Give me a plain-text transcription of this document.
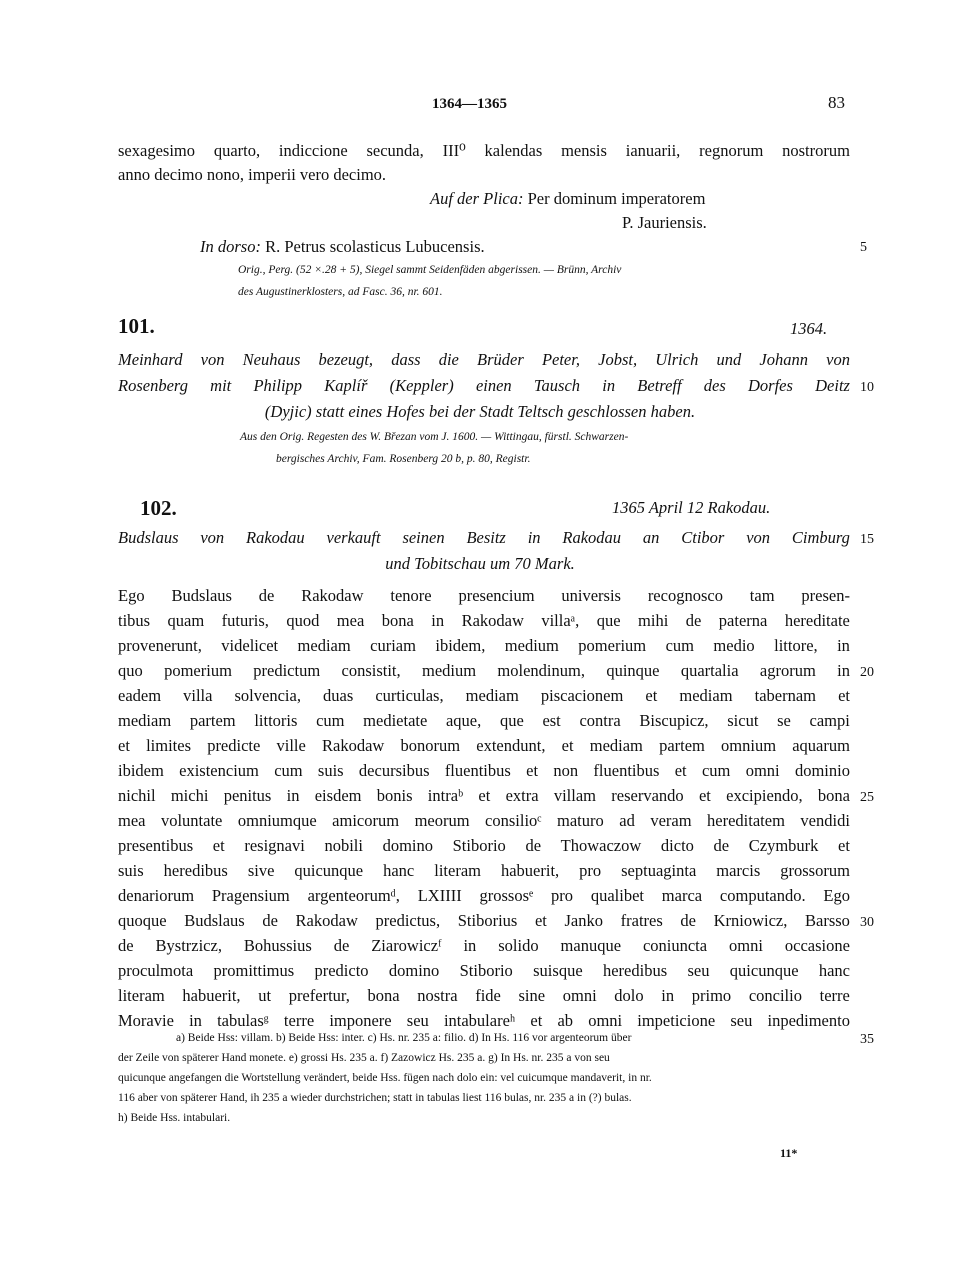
1364—1365	83
sexagesimo quarto, indiccione secunda, III⁰ kalendas mensis ianuarii, regnorum nostrorum
anno decimo nono, imperii vero decimo.
Auf der Plica: Per dominum imperatorem
P. Jauriensis.
In dorso: R. Petrus scolasticus Lubucensis.	5
Orig., Perg. (52 ×.28 + 5), Siegel sammt Seidenfäden abgerissen. — Brünn, Archiv
des Augustinerklosters, ad Fasc. 36, nr. 601.
101.	1364.
Meinhard von Neuhaus bezeugt, dass die Brüder Peter, Jobst, Ulrich und Johann von
Rosenberg mit Philipp Kaplíř (Keppler) einen Tausch in Betreff des Dorfes Deitz 10
(Dyjic) statt eines Hofes bei der Stadt Teltsch geschlossen haben.
Aus den Orig. Regesten des W. Březan vom J. 1600. — Wittingau, fürstl. Schwarzen-
bergisches Archiv, Fam. Rosenberg 20 b, p. 80, Registr.
102.	1365 April 12 Rakodau.
Budslaus von Rakodau verkauft seinen Besitz in Rakodau an Ctibor von Cimburg 15
und Tobitschau um 70 Mark.
Ego Budslaus de Rakodaw tenore presencium universis recognosco tam presen-
tibus quam futuris, quod mea bona in Rakodaw villaᵃ, que mihi de paterna hereditate
provenerunt, videlicet mediam curiam ibidem, medium pomerium cum medio littore, in
quo pomerium predictum consistit, medium molendinum, quinque quartalia agrorum in 20
eadem villa solvencia, duas curticulas, mediam piscacionem et mediam tabernam et
mediam partem littoris cum medietate aque, que est contra Biscupicz, sicut se campi
et limites predicte ville Rakodaw bonorum extendunt, et mediam partem omnium aquarum
ibidem existencium cum suis decursibus fluentibus et non fluentibus et cum omni dominio
nichil michi penitus in eisdem bonis intraᵇ et extra villam reservando et excipiendo, bona 25
mea voluntate omniumque amicorum meorum consilioᶜ maturo ad veram hereditatem vendidi
presentibus et resignavi nobili domino Stiborio de Thowaczow dicto de Czymburk et
suis heredibus sive quicunque hanc literam habuerit, pro septuaginta marcis grossorum
denariorum Pragensium argenteorumᵈ, LXIIII grossosᵉ pro qualibet marca computando. Ego
quoque Budslaus de Rakodaw predictus, Stiborius et Janko fratres de Krniowicz, Barsso 30
de Bystrzicz, Bohussius de Ziarowiczᶠ in solido manuque coniuncta omni occasione
proculmota promittimus predicto domino Stiborio suisque heredibus seu quicunque hanc
literam habuerit, ut prefertur, bona nostra fide sine omni dolo in primo concilio terre
Moravie in tabulasᵍ terre imponere seu intabulareʰ et ab omni impeticione seu inpedimento
a) Beide Hss: villam. b) Beide Hss: inter. c) Hs. nr. 235 a: filio. d) In Hs. 116 vor argenteorum über	35
der Zeile von späterer Hand monete. e) grossi Hs. 235 a. f) Zazowicz Hs. 235 a. g) In Hs. nr. 235 a von seu
quicunque angefangen die Wortstellung verändert, beide Hss. fügen nach dolo ein: vel cuicumque mandaverit, in nr.
116 aber von späterer Hand, ih 235 a wieder durchstrichen; statt in tabulas liest 116 bulas, nr. 235 a in (?) bulas.
h) Beide Hss. intabulari.
11*
